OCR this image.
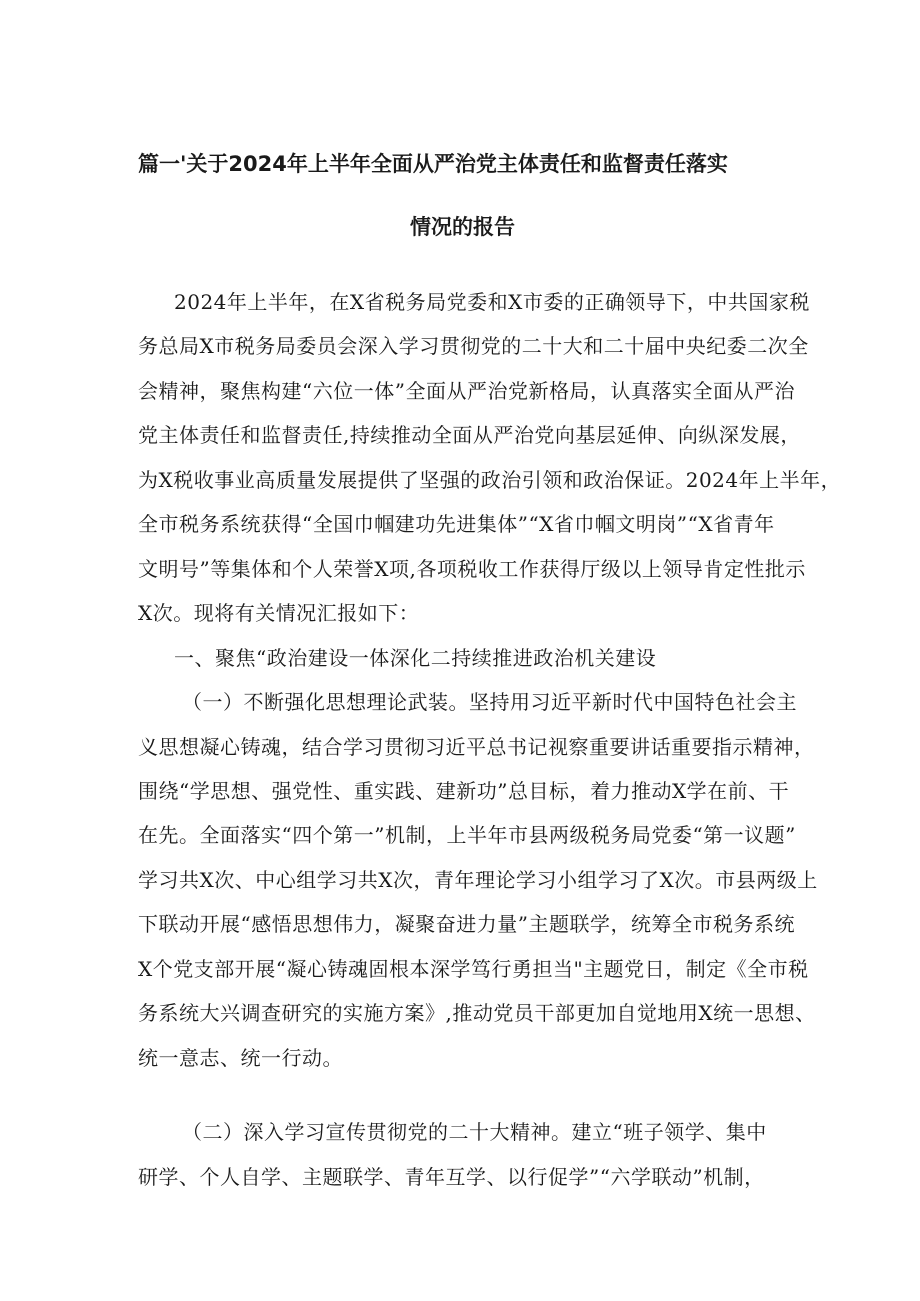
篇一'关于2024年上半年全面从严治党主体责任和监督责任落实
情况的报告
2024年上半年，在X省税务局党委和X市委的正确领导下，中共国家税
务总局X市税务局委员会深入学习贯彻党的二十大和二十届中央纪委二次全
会精神，聚焦构建“六位一体”全面从严治党新格局，认真落实全面从严治
党主体责任和监督责任,持续推动全面从严治党向基层延伸、向纵深发展，
为X税收事业高质量发展提供了坚强的政治引领和政治保证。2024年上半年，
全市税务系统获得“全国巾帼建功先进集体”“X省巾帼文明岗”“X省青年
文明号”等集体和个人荣誉X项,各项税收工作获得厅级以上领导肯定性批示
X次。现将有关情况汇报如下：
一、聚焦“政治建设一体深化二持续推进政治机关建设
（一）不断强化思想理论武装。坚持用习近平新时代中国特色社会主
义思想凝心铸魂，结合学习贯彻习近平总书记视察重要讲话重要指示精神，
围绕“学思想、强党性、重实践、建新功”总目标，着力推动X学在前、干
在先。全面落实“四个第一”机制，上半年市县两级税务局党委“第一议题”
学习共X次、中心组学习共X次，青年理论学习小组学习了X次。市县两级上
下联动开展“感悟思想伟力，凝聚奋进力量”主题联学，统筹全市税务系统
X个党支部开展“凝心铸魂固根本深学笃行勇担当"主题党日，制定《全市税
务系统大兴调查研究的实施方案》,推动党员干部更加自觉地用X统一思想、
统一意志、统一行动。
（二）深入学习宣传贯彻党的二十大精神。建立“班子领学、集中
研学、个人自学、主题联学、青年互学、以行促学”“六学联动”机制，
